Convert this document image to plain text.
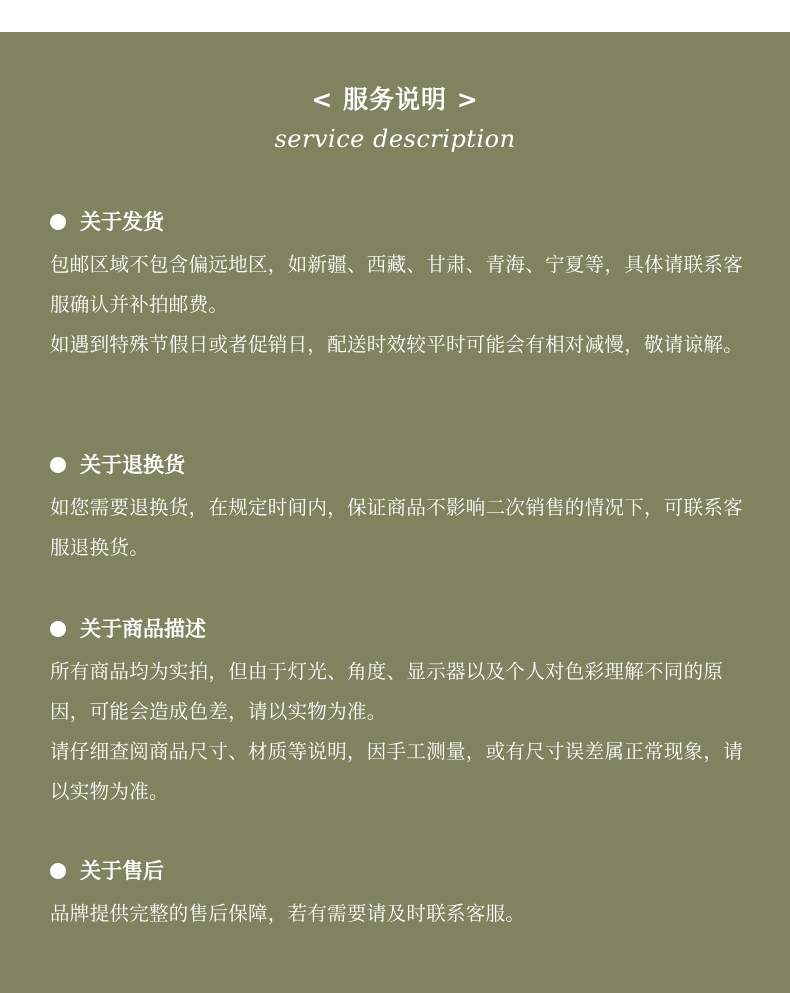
< 服务说明 >
service description
关于发货

包邮区域不包含偏远地区，如新疆、西藏、甘肃、青海、宁夏等，具体请联系客服确认并补拍邮费。

如遇到特殊节假日或者促销日，配送时效较平时可能会有相对减慢，敬请谅解。

关于退换货

如您需要退换货，在规定时间内，保证商品不影响二次销售的情况下，可联系客服退换货。

关于商品描述

所有商品均为实拍，但由于灯光、角度、显示器以及个人对色彩理解不同的原因，可能会造成色差，请以实物为准。

请仔细查阅商品尺寸、材质等说明，因手工测量，或有尺寸误差属正常现象，请以实物为准。

关于售后

品牌提供完整的售后保障，若有需要请及时联系客服。
